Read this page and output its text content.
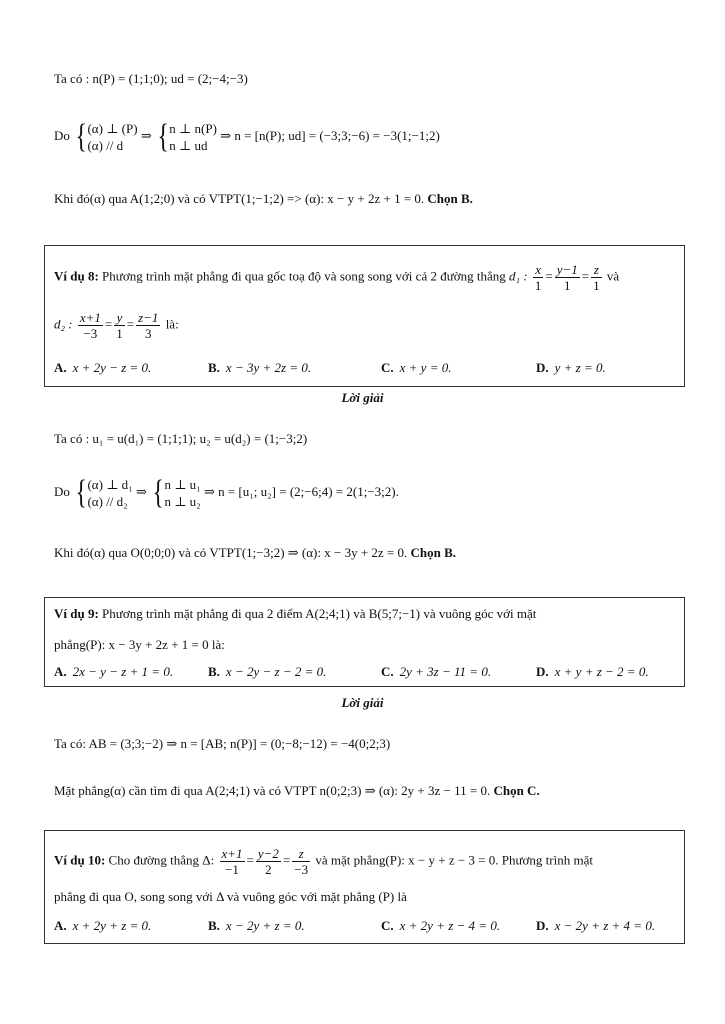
Ta có : n(P) = (1;1;0); ud = (2;−4;−3)
Do { (α) ⊥ (P)
(α) // d
⇒ { n ⊥ n(P)
n ⊥ ud
⇒ n = [n(P); ud] = (−3;3;−6) = −3(1;−1;2)
Khi đó(α) qua A(1;2;0) và có VTPT(1;−1;2) => (α): x − y + 2z + 1 = 0. Chọn B.
Ví dụ 8: Phương trình mặt phẳng đi qua gốc toạ độ và song song với cả 2 đường thẳng d₁ : $\frac{x}{1} = \frac{y-1}{1} = \frac{z}{1}$ và
d₂ : $\frac{x+1}{-3} = \frac{y}{1} = \frac{z-1}{3}$ là:
A. x + 2y − z = 0.	B. x − 3y + 2z = 0.	C. x + y = 0.	D. y + z = 0.
Lời giải
Ta có : u₁ = u(d₁) = (1;1;1); u₂ = u(d₂) = (1;−3;2)
Do { (α) ⊥ d₁
(α) // d₂
⇒ { n ⊥ u₁
n ⊥ u₂
⇒ n = [u₁; u₂] = (2;−6;4) = 2(1;−3;2).
Khi đó(α) qua O(0;0;0) và có VTPT(1;−3;2) ⇒ (α): x − 3y + 2z = 0. Chọn B.
Ví dụ 9: Phương trình mặt phẳng đi qua 2 điểm A(2;4;1) và B(5;7;−1) và vuông góc với mặt
phẳng(P): x − 3y + 2z + 1 = 0 là:
A. 2x − y − z + 1 = 0.	B. x − 2y − z − 2 = 0.	C. 2y + 3z − 11 = 0.	D. x + y + z − 2 = 0.
Lời giải
Ta có: AB = (3;3;−2) ⇒ n = [AB; n(P)] = (0;−8;−12) = −4(0;2;3)
Mặt phẳng(α) cần tìm đi qua A(2;4;1) và có VTPT n(0;2;3) ⇒ (α): 2y + 3z − 11 = 0. Chọn C.
Ví dụ 10: Cho đường thẳng Δ: $\frac{x+1}{-1} = \frac{y-2}{2} = \frac{z}{-3}$ và mặt phẳng(P): x − y + z − 3 = 0. Phương trình mặt
phẳng đi qua O, song song với Δ và vuông góc với mặt phẳng (P) là
A. x + 2y + z = 0.	B. x − 2y + z = 0.	C. x + 2y + z − 4 = 0.	D. x − 2y + z + 4 = 0.
